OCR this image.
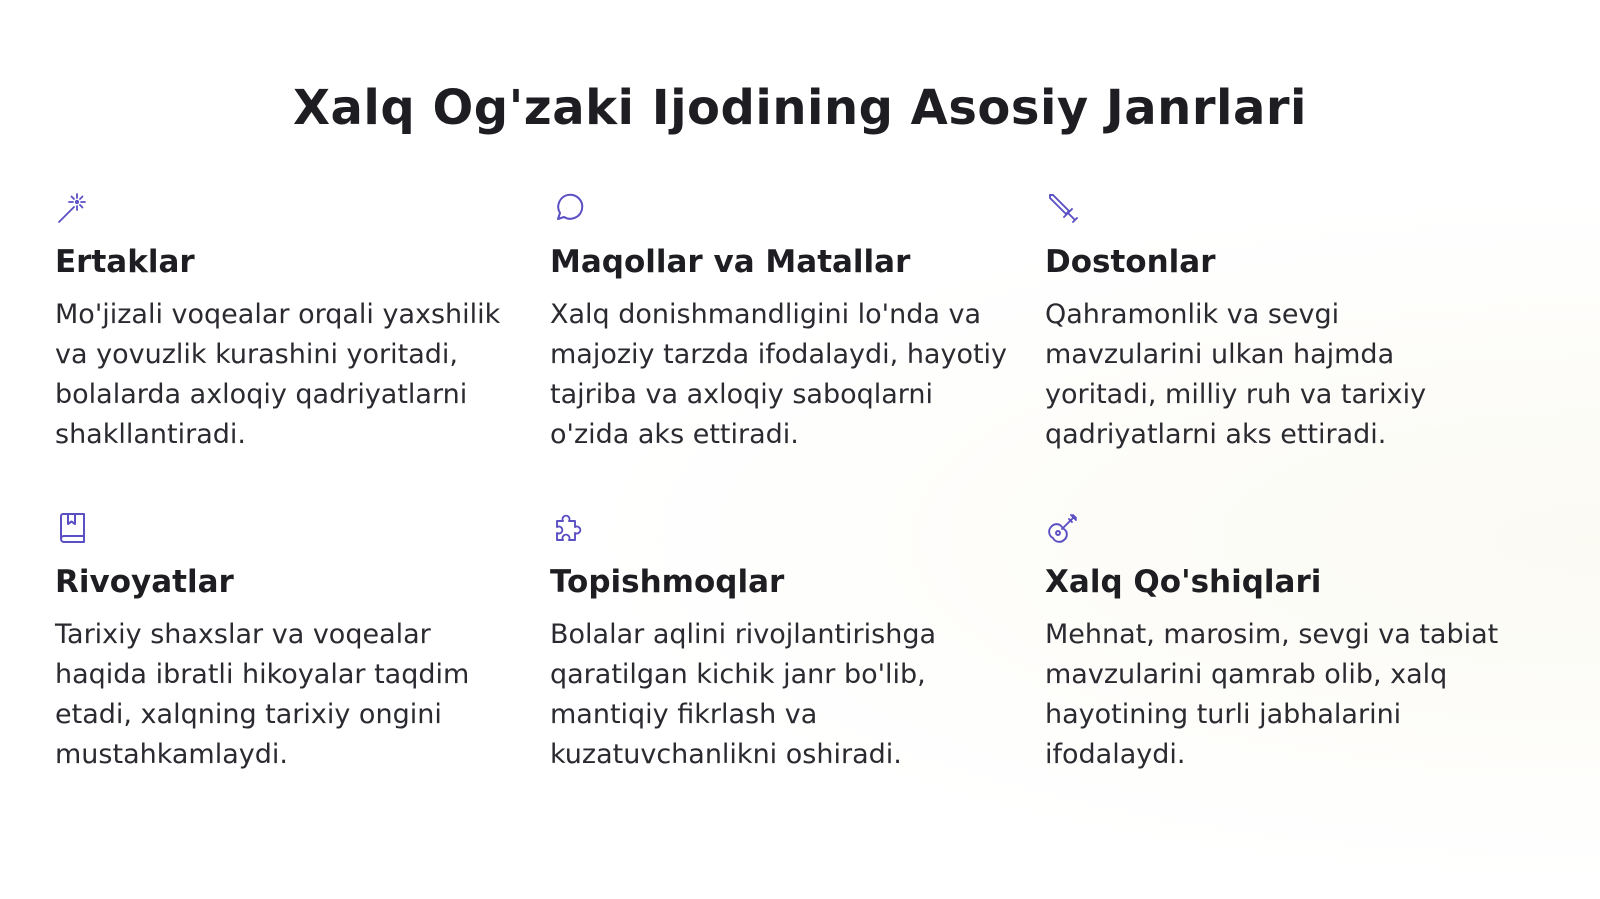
Xalq Og'zaki Ijodining Asosiy Janrlari
Ertaklar

Mo'jizali voqealar orqali yaxshilik va yovuzlik kurashini yoritadi, bolalarda axloqiy qadriyatlarni shakllantiradi.

Maqollar va Matallar

Xalq donishmandligini lo'nda va majoziy tarzda ifodalaydi, hayotiy tajriba va axloqiy saboqlarni o'zida aks ettiradi.

Dostonlar

Qahramonlik va sevgi mavzularini ulkan hajmda yoritadi, milliy ruh va tarixiy qadriyatlarni aks ettiradi.

Rivoyatlar

Tarixiy shaxslar va voqealar haqida ibratli hikoyalar taqdim etadi, xalqning tarixiy ongini mustahkamlaydi.

Topishmoqlar

Bolalar aqlini rivojlantirishga qaratilgan kichik janr bo'lib, mantiqiy fikrlash va kuzatuvchanlikni oshiradi.

Xalq Qo'shiqlari

Mehnat, marosim, sevgi va tabiat mavzularini qamrab olib, xalq hayotining turli jabhalarini ifodalaydi.
